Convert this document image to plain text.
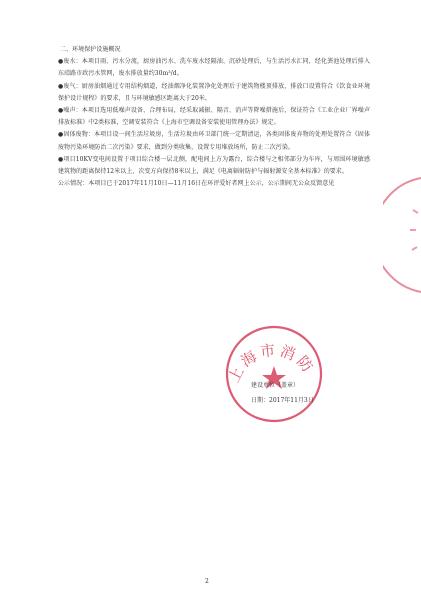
二、环境保护设施概况

●废水：本项目雨、污水分流，厨房油污水、洗车废水经隔油、沉砂处理后，与生活污水汇同，经化粪池处理后排入东靖路市政污水管网，废水排放量约30m³/d。

●废气：厨房油烟通过专用结构烟道，经油烟净化装置净化处理后于建筑物楼顶排放，排放口设置符合《饮食业环境保护设计规程》的要求，且与环境敏感区距离大于20米。

●噪声：本项目选用低噪声设备，合理布局，经采取减振、隔音、消声等降噪措施后，保证符合《工业企业厂界噪声排放标准》中2类标准，空调安装符合《上海市空调设备安装使用管理办法》规定。

●固体废物：本项目设一间生活垃圾房，生活垃圾由环卫部门统一定期清运，各类固体废弃物的处理处置符合《固体废物污染环境防治二次污染》要求，做到分类收集，设置专用堆放场所，防止二次污染。

●项目10KV变电间设置于项目综合楼一层北侧，配电间上方为露台，综合楼与之相邻部分为车库，与周围环境敏感建筑物的距离保持12米以上，次变方向保持8米以上，满足《电离辐射防护与辐射源安全基本标准》的要求。

公示情况：本项目已于2017年11月10日—11月16日在环评爱好者网上公示，公示期间无公众反馈意见

上海市消防
建设单位（盖章）
日期：2017年11月3日
2
